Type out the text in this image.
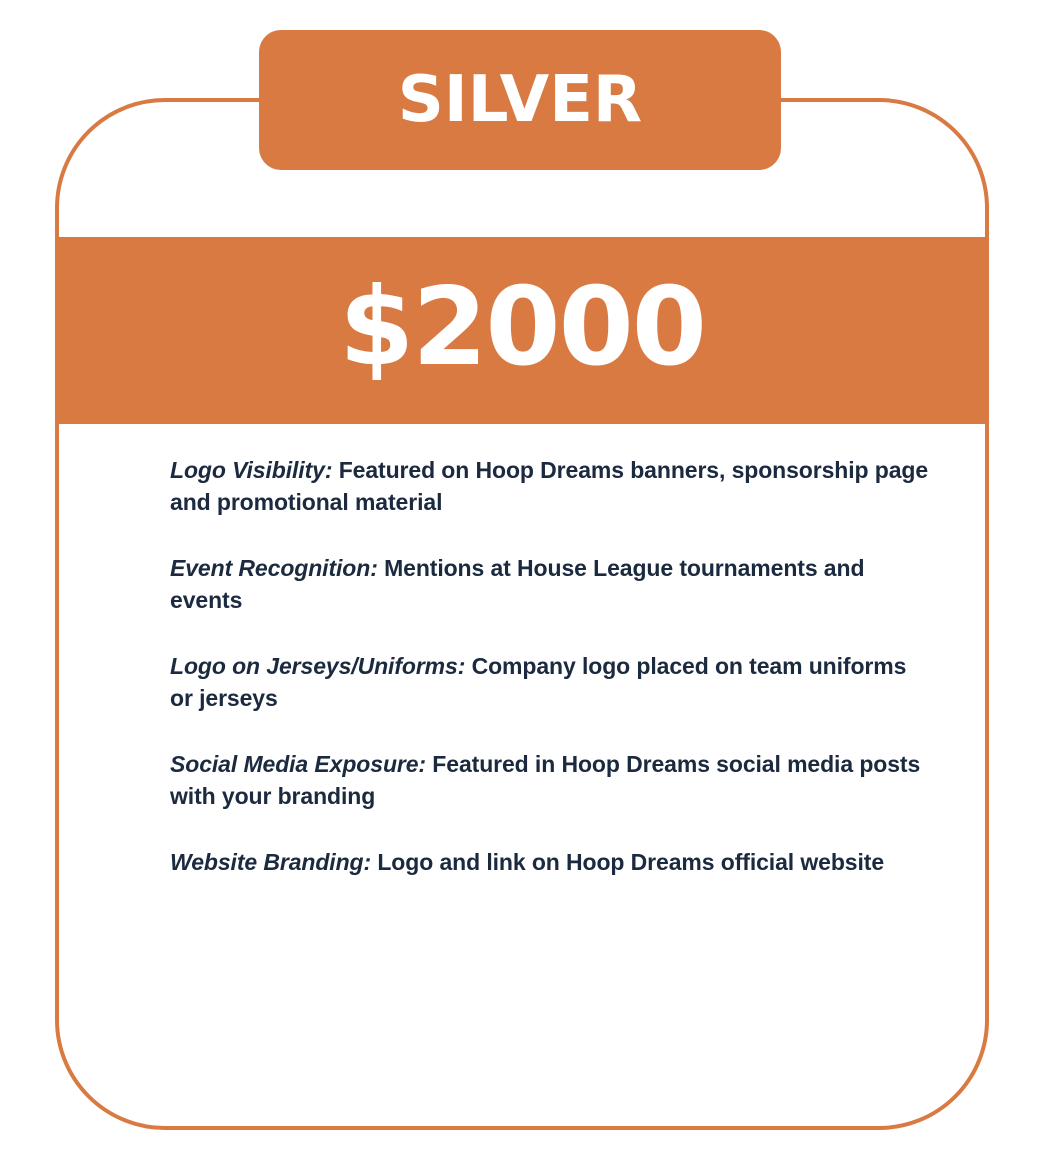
$2000
Logo Visibility: Featured on Hoop Dreams banners, sponsorship page and promotional material
Event Recognition: Mentions at House League tournaments and events
Logo on Jerseys/Uniforms: Company logo placed on team uniforms or jerseys
Social Media Exposure: Featured in Hoop Dreams social media posts with your branding
Website Branding: Logo and link on Hoop Dreams official website
SILVER
